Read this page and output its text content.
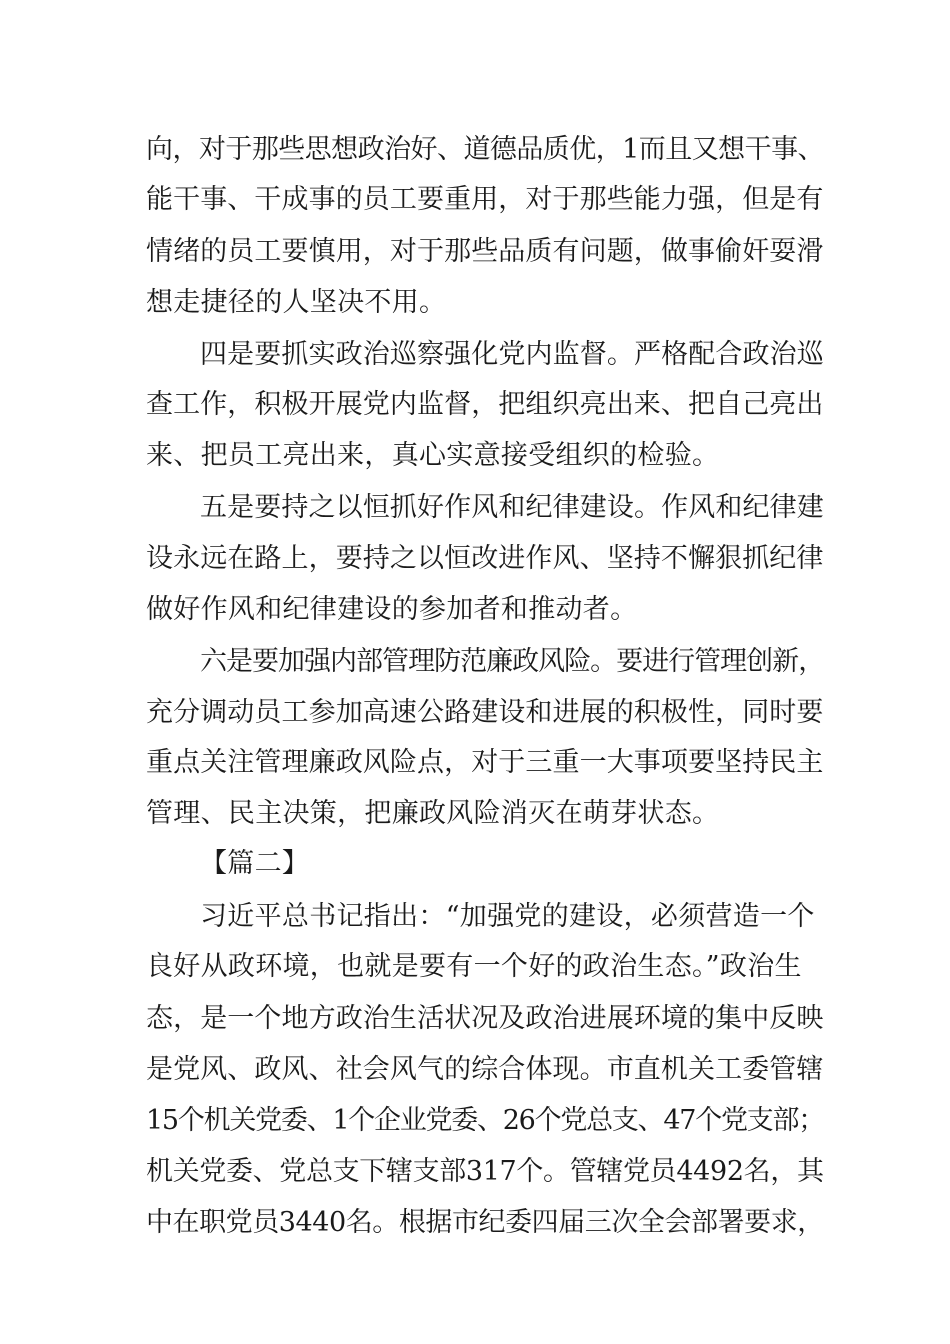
向，对于那些思想政治好、道德品质优，1而且又想干事、
能干事、干成事的员工要重用，对于那些能力强，但是有
情绪的员工要慎用，对于那些品质有问题，做事偷奸耍滑
想走捷径的人坚决不用。
四是要抓实政治巡察强化党内监督。严格配合政治巡
查工作，积极开展党内监督，把组织亮出来、把自己亮出
来、把员工亮出来，真心实意接受组织的检验。
五是要持之以恒抓好作风和纪律建设。作风和纪律建
设永远在路上，要持之以恒改进作风、坚持不懈狠抓纪律
做好作风和纪律建设的参加者和推动者。
六是要加强内部管理防范廉政风险。要进行管理创新，
充分调动员工参加高速公路建设和进展的积极性，同时要
重点关注管理廉政风险点，对于三重一大事项要坚持民主
管理、民主决策，把廉政风险消灭在萌芽状态。
【篇二】
习近平总书记指出：“加强党的建设，必须营造一个
良好从政环境，也就是要有一个好的政治生态。”政治生
态，是一个地方政治生活状况及政治进展环境的集中反映
是党风、政风、社会风气的综合体现。市直机关工委管辖
15个机关党委、1个企业党委、26个党总支、47个党支部；
机关党委、党总支下辖支部317个。管辖党员4492名，其
中在职党员3440名。根据市纪委四届三次全会部署要求，
